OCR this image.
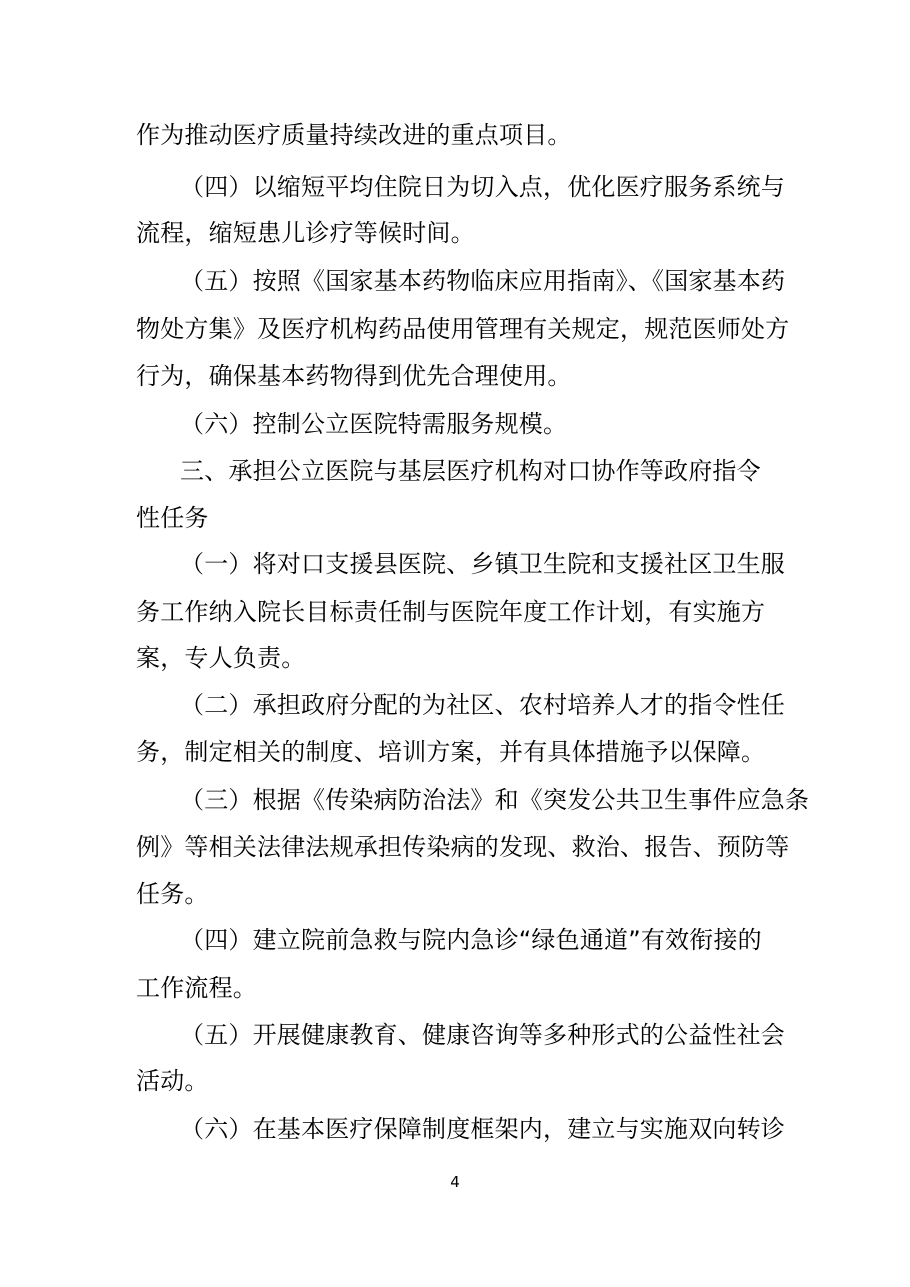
作为推动医疗质量持续改进的重点项目。
（四）以缩短平均住院日为切入点，优化医疗服务系统与
流程，缩短患儿诊疗等候时间。
（五）按照《国家基本药物临床应用指南》、《国家基本药
物处方集》及医疗机构药品使用管理有关规定，规范医师处方
行为，确保基本药物得到优先合理使用。
（六）控制公立医院特需服务规模。
三、承担公立医院与基层医疗机构对口协作等政府指令
性任务
（一）将对口支援县医院、乡镇卫生院和支援社区卫生服
务工作纳入院长目标责任制与医院年度工作计划，有实施方
案，专人负责。
（二）承担政府分配的为社区、农村培养人才的指令性任
务，制定相关的制度、培训方案，并有具体措施予以保障。
（三）根据《传染病防治法》和《突发公共卫生事件应急条
例》等相关法律法规承担传染病的发现、救治、报告、预防等
任务。
（四）建立院前急救与院内急诊“绿色通道”有效衔接的
工作流程。
（五）开展健康教育、健康咨询等多种形式的公益性社会
活动。
（六）在基本医疗保障制度框架内，建立与实施双向转诊
4
